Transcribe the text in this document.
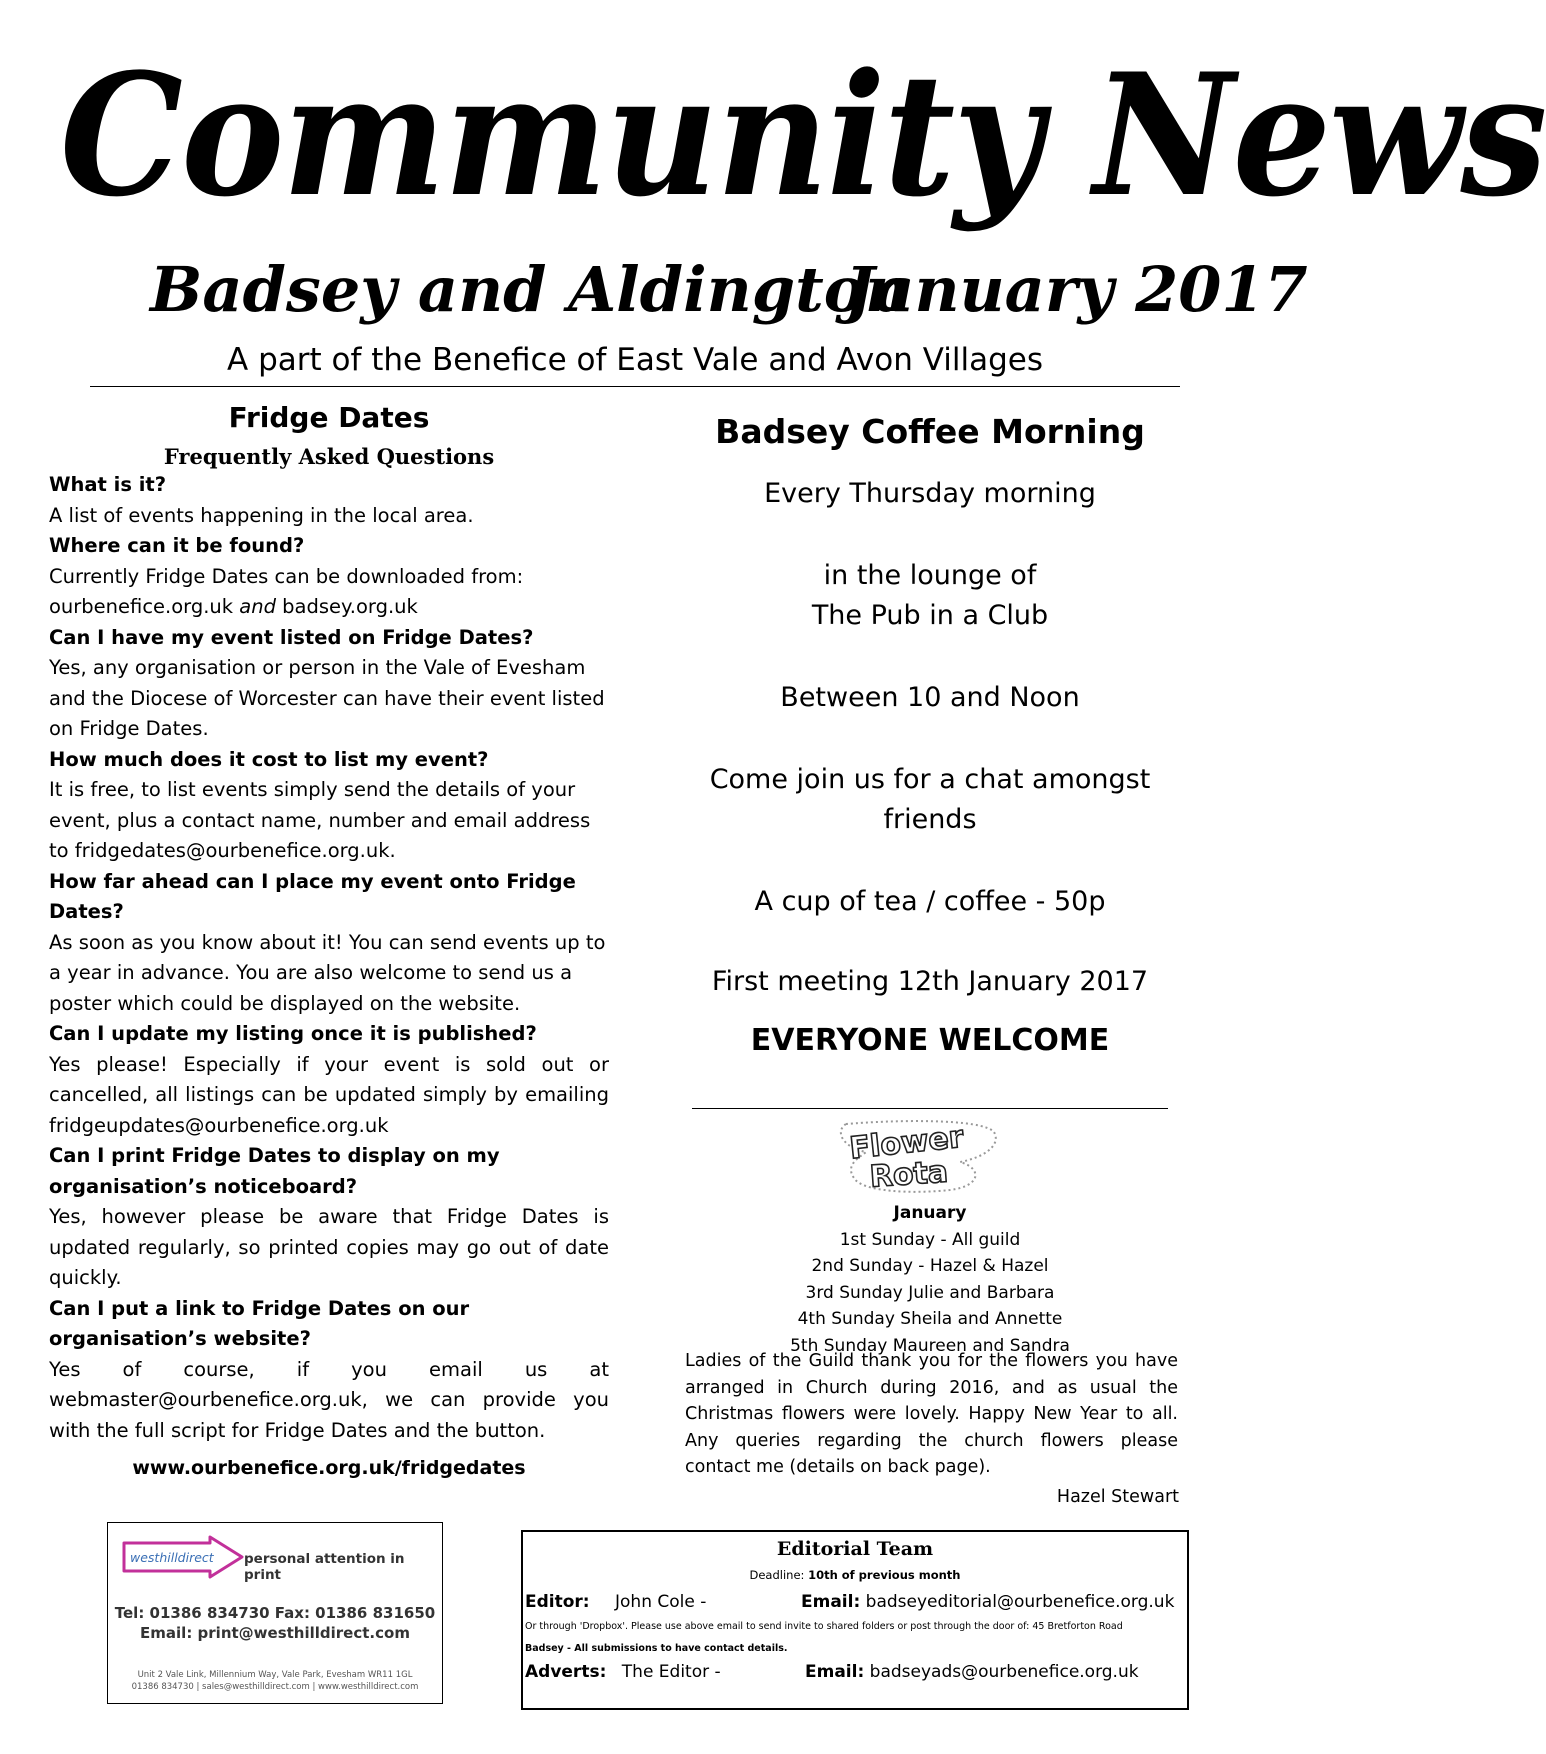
Community News
Badsey and Aldington
January 2017
A part of the Benefice of East Vale and Avon Villages
Fridge Dates
Frequently Asked Questions
What is it?
A list of events happening in the local area.
Where can it be found?
Currently Fridge Dates can be downloaded from:
ourbenefice.org.uk and badsey.org.uk
Can I have my event listed on Fridge Dates?
Yes, any organisation or person in the Vale of Evesham and the Diocese of Worcester can have their event listed on Fridge Dates.
How much does it cost to list my event?
It is free, to list events simply send the details of your event, plus a contact name, number and email address to fridgedates@ourbenefice.org.uk.
How far ahead can I place my event onto Fridge Dates?
As soon as you know about it! You can send events up to a year in advance. You are also welcome to send us a poster which could be displayed on the website.
Can I update my listing once it is published?
Yes please! Especially if your event is sold out or cancelled, all listings can be updated simply by emailing fridgeupdates@ourbenefice.org.uk
Can I print Fridge Dates to display on my organisation’s noticeboard?
Yes, however please be aware that Fridge Dates is updated regularly, so printed copies may go out of date quickly.
Can I put a link to Fridge Dates on our organisation’s website?
Yes of course, if you email us at webmaster@ourbenefice.org.uk, we can provide you with the full script for Fridge Dates and the button.
www.ourbenefice.org.uk/fridgedates
Badsey Coffee Morning
Every Thursday morning
in the lounge of
The Pub in a Club
Between 10 and Noon
Come join us for a chat amongst
friends
A cup of tea / coffee - 50p
First meeting 12th January 2017
EVERYONE WELCOME
Flower
Rota
January
1st Sunday - All guild
2nd Sunday - Hazel & Hazel
3rd Sunday Julie and Barbara
4th Sunday Sheila and Annette
5th Sunday Maureen and Sandra
Ladies of the Guild thank you for the flowers you have arranged in Church during 2016, and as usual the Christmas flowers were lovely. Happy New Year to all. Any queries regarding the church flowers please contact me (details on back page).
Hazel Stewart
westhilldirect personal attention in print
Tel: 01386 834730 Fax: 01386 831650
Email: print@westhilldirect.com
Unit 2 Vale Link, Millennium Way, Vale Park, Evesham WR11 1GL
01386 834730 | sales@westhilldirect.com | www.westhilldirect.com
Editorial Team
Deadline: 10th of previous month
Editor: John Cole -	Email: badseyeditorial@ourbenefice.org.uk
Or through 'Dropbox'. Please use above email to send invite to shared folders or post through the door of: 45 Bretforton Road
Badsey - All submissions to have contact details.
Adverts: The Editor -	Email: badseyads@ourbenefice.org.uk
